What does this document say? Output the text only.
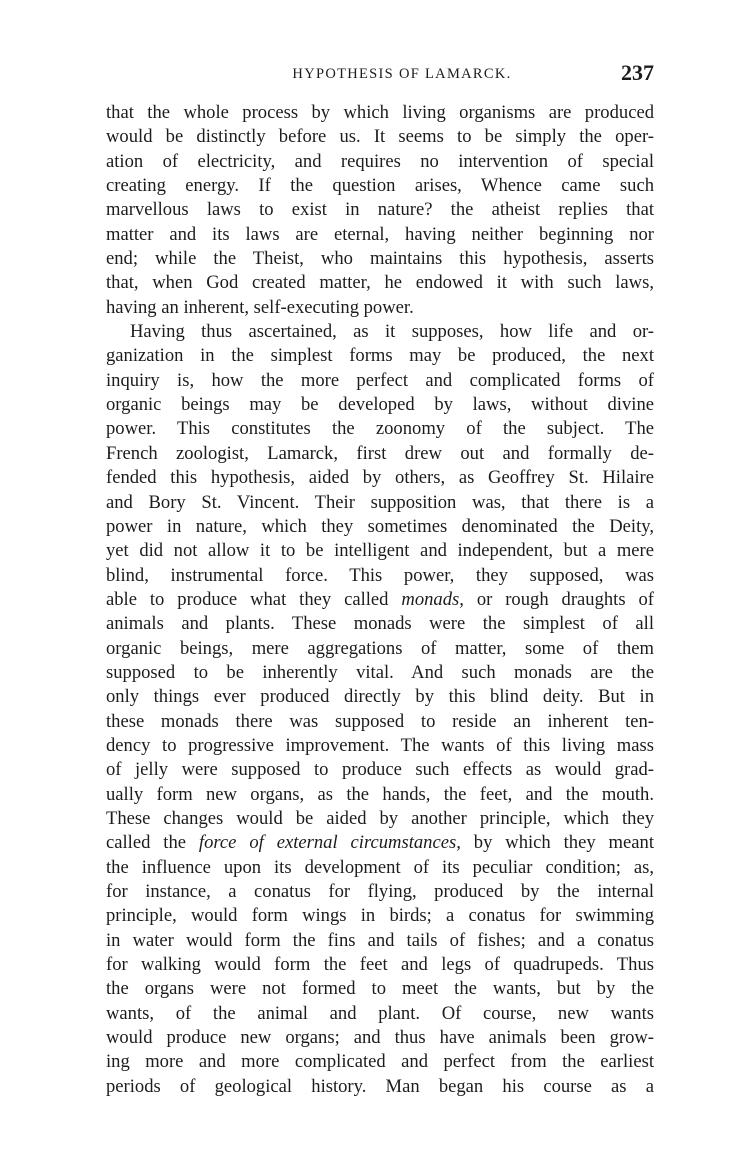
HYPOTHESIS OF LAMARCK.	237
that the whole process by which living organisms are produced
would be distinctly before us. It seems to be simply the oper-
ation of electricity, and requires no intervention of special
creating energy. If the question arises, Whence came such
marvellous laws to exist in nature? the atheist replies that
matter and its laws are eternal, having neither beginning nor
end; while the Theist, who maintains this hypothesis, asserts
that, when God created matter, he endowed it with such laws,
having an inherent, self-executing power.
Having thus ascertained, as it supposes, how life and or-
ganization in the simplest forms may be produced, the next
inquiry is, how the more perfect and complicated forms of
organic beings may be developed by laws, without divine
power. This constitutes the zoonomy of the subject. The
French zoologist, Lamarck, first drew out and formally de-
fended this hypothesis, aided by others, as Geoffrey St. Hilaire
and Bory St. Vincent. Their supposition was, that there is a
power in nature, which they sometimes denominated the Deity,
yet did not allow it to be intelligent and independent, but a mere
blind, instrumental force. This power, they supposed, was
able to produce what they called monads, or rough draughts of
animals and plants. These monads were the simplest of all
organic beings, mere aggregations of matter, some of them
supposed to be inherently vital. And such monads are the
only things ever produced directly by this blind deity. But in
these monads there was supposed to reside an inherent ten-
dency to progressive improvement. The wants of this living mass
of jelly were supposed to produce such effects as would grad-
ually form new organs, as the hands, the feet, and the mouth.
These changes would be aided by another principle, which they
called the force of external circumstances, by which they meant
the influence upon its development of its peculiar condition; as,
for instance, a conatus for flying, produced by the internal
principle, would form wings in birds; a conatus for swimming
in water would form the fins and tails of fishes; and a conatus
for walking would form the feet and legs of quadrupeds. Thus
the organs were not formed to meet the wants, but by the
wants, of the animal and plant. Of course, new wants
would produce new organs; and thus have animals been grow-
ing more and more complicated and perfect from the earliest
periods of geological history. Man began his course as a
